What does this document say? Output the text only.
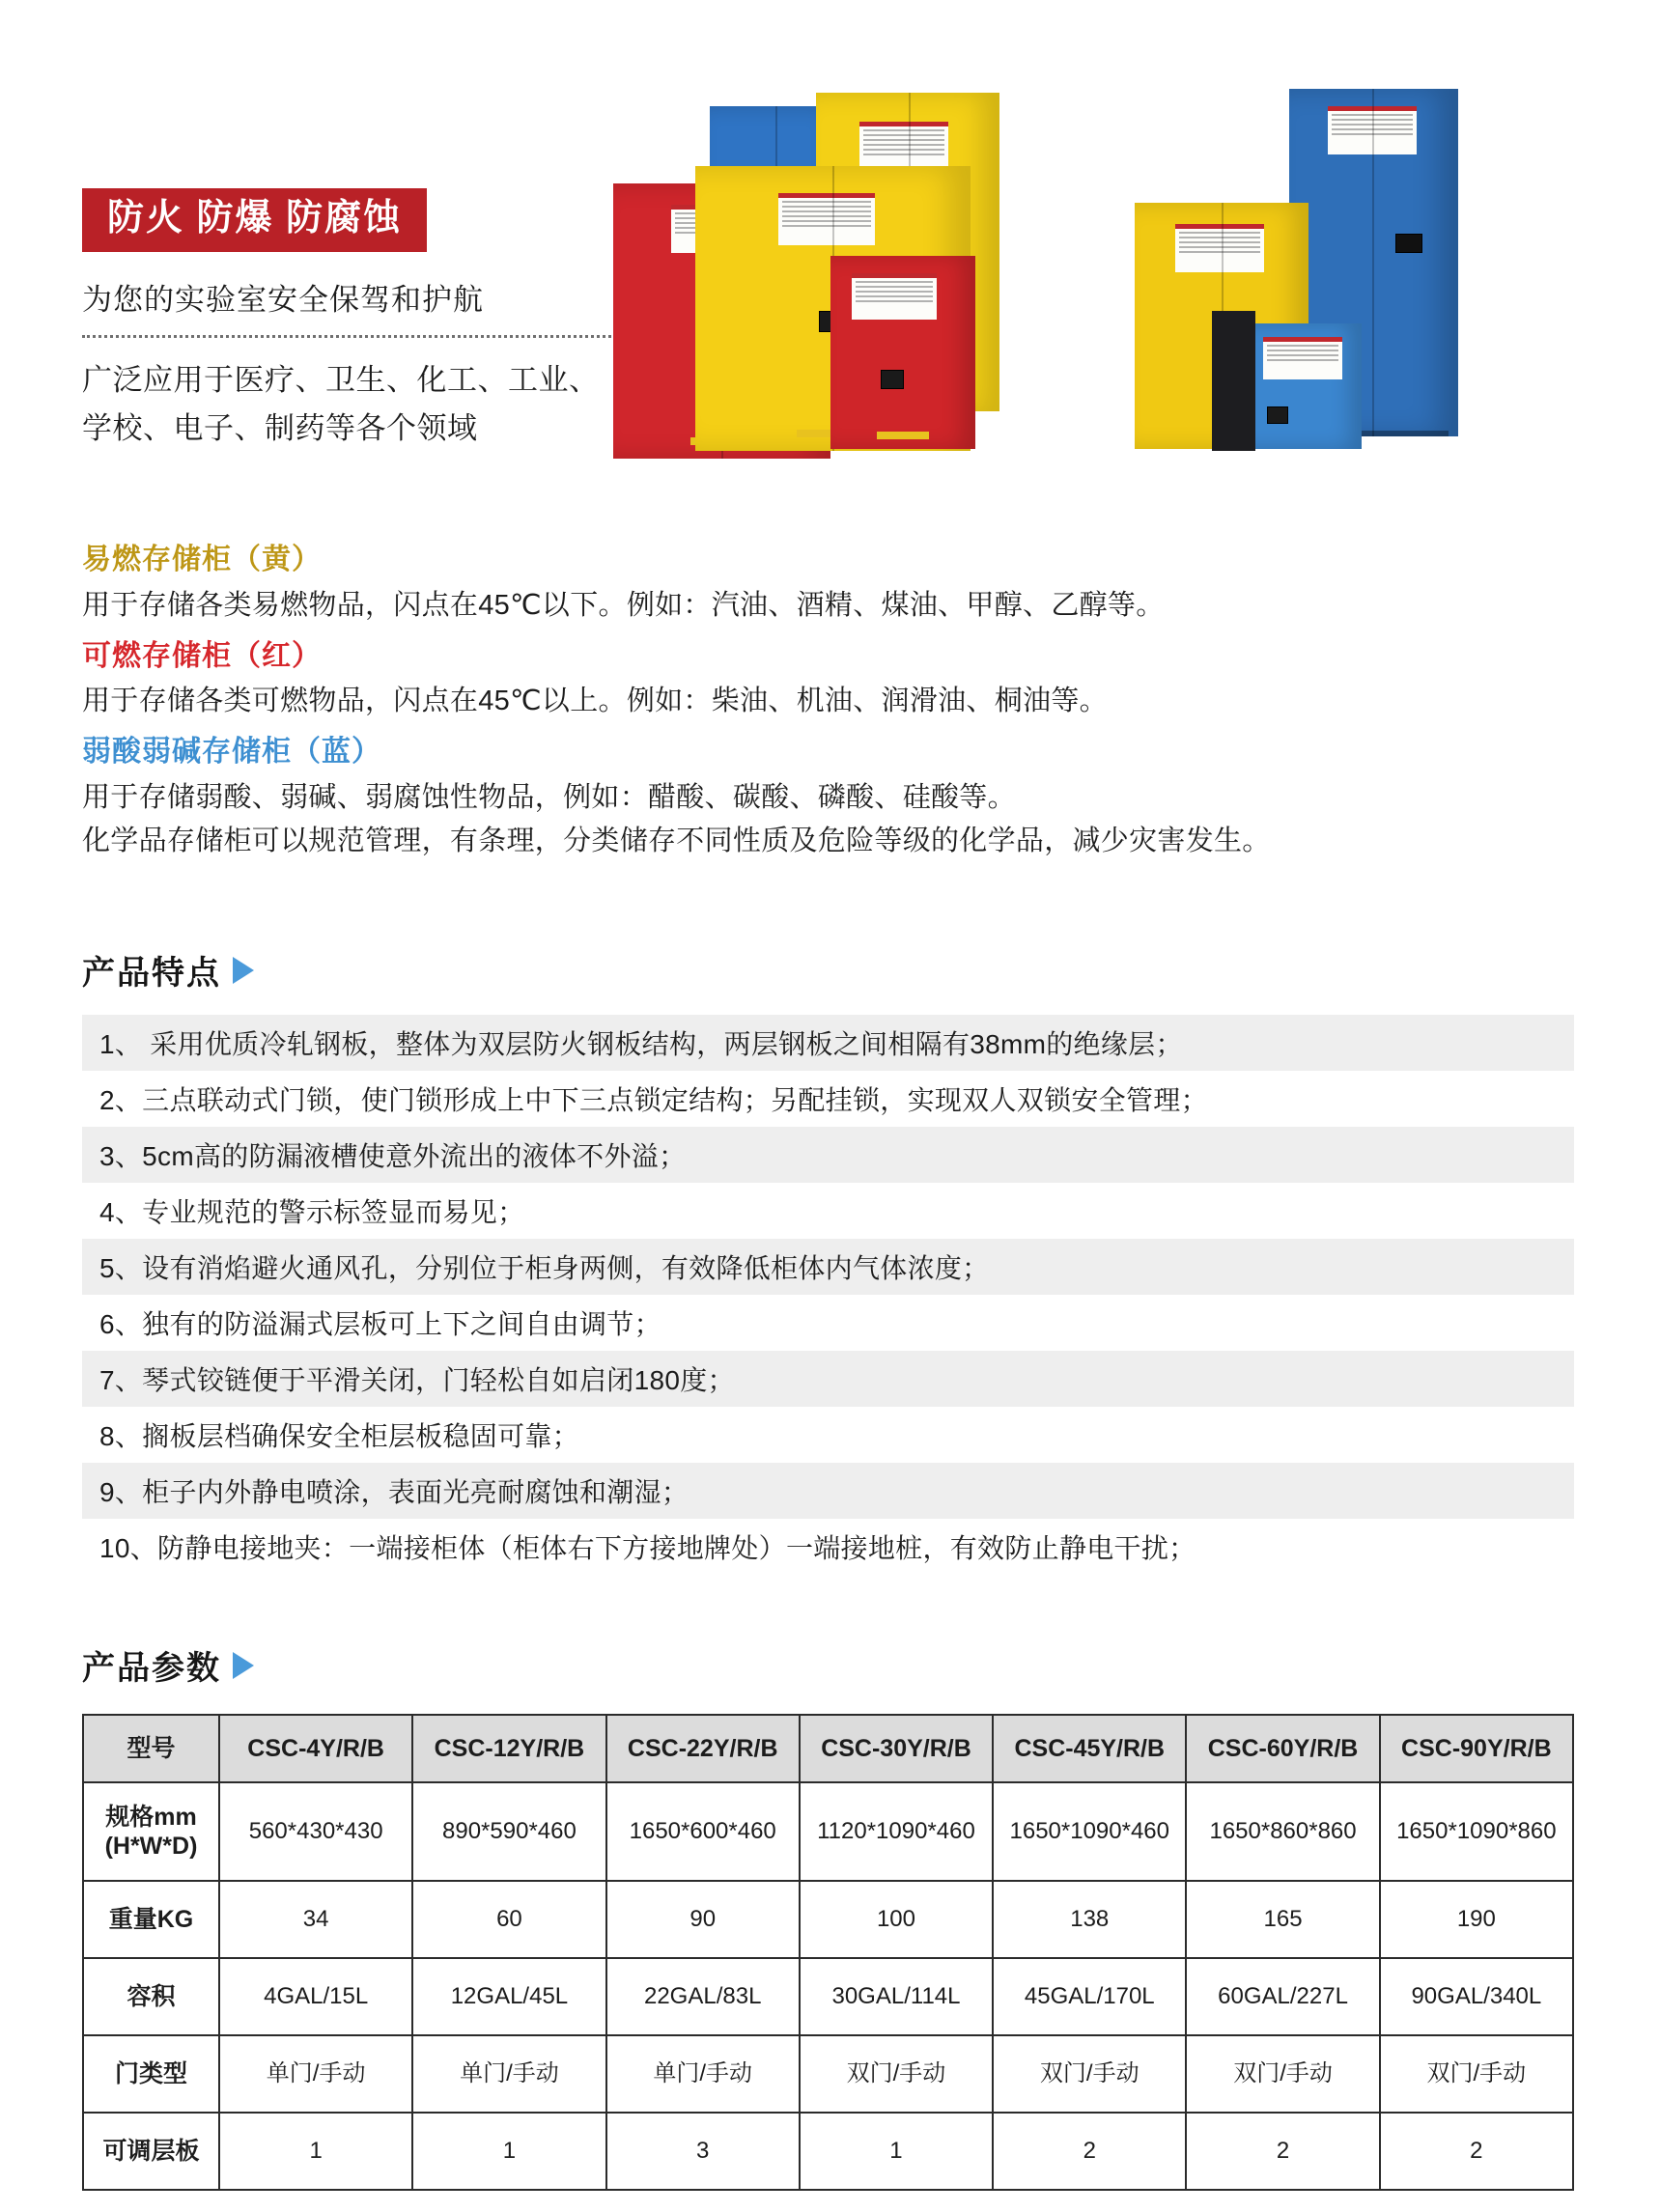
防火 防爆 防腐蚀
为您的实验室安全保驾和护航
广泛应用于医疗、卫生、化工、工业、
学校、电子、制药等各个领域
易燃存储柜（黄）

用于存储各类易燃物品，闪点在45℃以下。例如：汽油、酒精、煤油、甲醇、乙醇等。

可燃存储柜（红）

用于存储各类可燃物品，闪点在45℃以上。例如：柴油、机油、润滑油、桐油等。

弱酸弱碱存储柜（蓝）

用于存储弱酸、弱碱、弱腐蚀性物品，例如：醋酸、碳酸、磷酸、硅酸等。

化学品存储柜可以规范管理，有条理，分类储存不同性质及危险等级的化学品，减少灾害发生。

产品特点
1、 采用优质冷轧钢板，整体为双层防火钢板结构，两层钢板之间相隔有38mm的绝缘层；
2、三点联动式门锁，使门锁形成上中下三点锁定结构；另配挂锁，实现双人双锁安全管理；
3、5cm高的防漏液槽使意外流出的液体不外溢；
4、专业规范的警示标签显而易见；
5、设有消焰避火通风孔，分别位于柜身两侧，有效降低柜体内气体浓度；
6、独有的防溢漏式层板可上下之间自由调节；
7、琴式铰链便于平滑关闭，门轻松自如启闭180度；
8、搁板层档确保安全柜层板稳固可靠；
9、柜子内外静电喷涂，表面光亮耐腐蚀和潮湿；
10、防静电接地夹：一端接柜体（柜体右下方接地牌处）一端接地桩，有效防止静电干扰；
产品参数
型号	CSC-4Y/R/B	CSC-12Y/R/B	CSC-22Y/R/B	CSC-30Y/R/B	CSC-45Y/R/B	CSC-60Y/R/B	CSC-90Y/R/B
规格mm
(H*W*D)	560*430*430	890*590*460	1650*600*460	1120*1090*460	1650*1090*460	1650*860*860	1650*1090*860
重量KG	34	60	90	100	138	165	190
容积	4GAL/15L	12GAL/45L	22GAL/83L	30GAL/114L	45GAL/170L	60GAL/227L	90GAL/340L
门类型	单门/手动	单门/手动	单门/手动	双门/手动	双门/手动	双门/手动	双门/手动
可调层板	1	1	3	1	2	2	2
